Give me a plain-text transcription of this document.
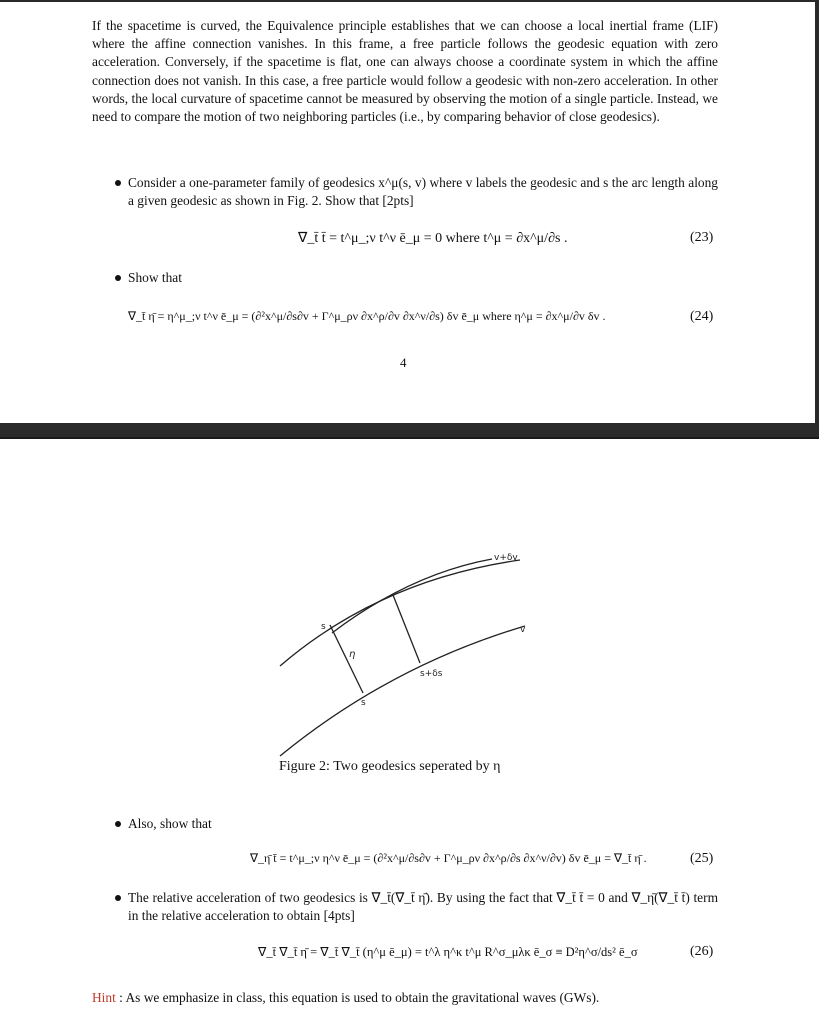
If the spacetime is curved, the Equivalence principle establishes that we can choose a local inertial frame (LIF) where the affine connection vanishes. In this frame, a free particle follows the geodesic equation with zero acceleration. Conversely, if the spacetime is flat, one can always choose a coordinate system in which the affine connection does not vanish. In this case, a free particle would follow a geodesic with non-zero acceleration. In other words, the local curvature of spacetime cannot be measured by observing the motion of a single particle. Instead, we need to compare the motion of two neighboring particles (i.e., by comparing behavior of close geodesics).

Consider a one-parameter family of geodesics x^μ(s, v) where v labels the geodesic and s the arc length along a given geodesic as shown in Fig. 2. Show that [2pts]

∇_t̄ t̄ = t^μ_;ν t^ν ē_μ = 0 where t^μ = ∂x^μ/∂s .	(23)

Show that

∇_t̄ η̄ = η^μ_;ν t^ν ē_μ = (∂²x^μ/∂s∂v + Γ^μ_ρν ∂x^ρ/∂v ∂x^ν/∂s) δv ē_μ where η^μ = ∂x^μ/∂v δv .	(24)
4
v+δv
v
s
η
s+δs
s
Figure 2: Two geodesics seperated by η

Also, show that

∇_η̄ t̄ = t^μ_;ν η^ν ē_μ = (∂²x^μ/∂s∂v + Γ^μ_ρν ∂x^ρ/∂s ∂x^ν/∂v) δv ē_μ = ∇_t̄ η̄ .	(25)

The relative acceleration of two geodesics is ∇_t̄(∇_t̄ η̄). By using the fact that ∇_t̄ t̄ = 0 and ∇_η̄(∇_t̄ t̄) term in the relative acceleration to obtain [4pts]

∇_t̄ ∇_t̄ η̄ = ∇_t̄ ∇_t̄ (η^μ ē_μ) = t^λ η^κ t^μ R^σ_μλκ ē_σ ≡ D²η^σ/ds² ē_σ	(26)
Hint : As we emphasize in class, this equation is used to obtain the gravitational waves (GWs).
